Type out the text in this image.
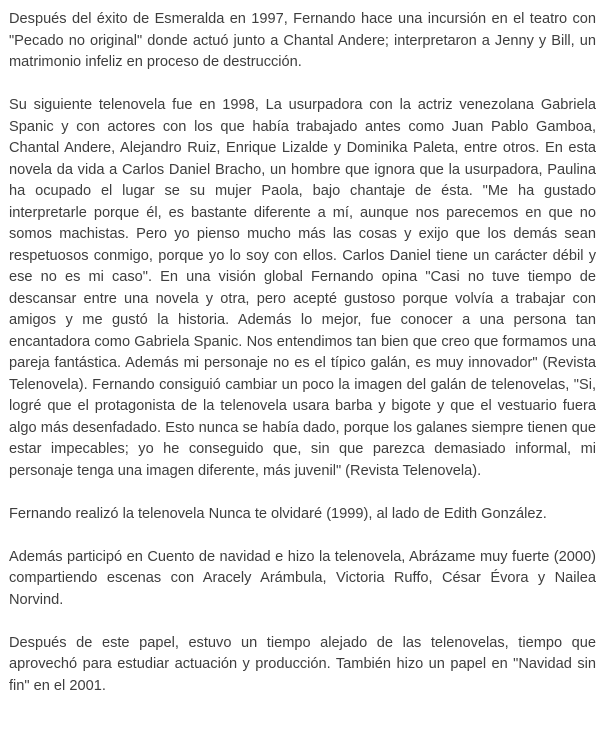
Después del éxito de Esmeralda en 1997, Fernando hace una incursión en el teatro con "Pecado no original" donde actuó junto a Chantal Andere; interpretaron a Jenny y Bill, un matrimonio infeliz en proceso de destrucción.

Su siguiente telenovela fue en 1998, La usurpadora con la actriz venezolana Gabriela Spanic y con actores con los que había trabajado antes como Juan Pablo Gamboa, Chantal Andere, Alejandro Ruiz, Enrique Lizalde y Dominika Paleta, entre otros. En esta novela da vida a Carlos Daniel Bracho, un hombre que ignora que la usurpadora, Paulina ha ocupado el lugar se su mujer Paola, bajo chantaje de ésta. "Me ha gustado interpretarle porque él, es bastante diferente a mí, aunque nos parecemos en que no somos machistas. Pero yo pienso mucho más las cosas y exijo que los demás sean respetuosos conmigo, porque yo lo soy con ellos. Carlos Daniel tiene un carácter débil y ese no es mi caso". En una visión global Fernando opina "Casi no tuve tiempo de descansar entre una novela y otra, pero acepté gustoso porque volvía a trabajar con amigos y me gustó la historia. Además lo mejor, fue conocer a una persona tan encantadora como Gabriela Spanic. Nos entendimos tan bien que creo que formamos una pareja fantástica. Además mi personaje no es el típico galán, es muy innovador" (Revista Telenovela). Fernando consiguió cambiar un poco la imagen del galán de telenovelas, "Si, logré que el protagonista de la telenovela usara barba y bigote y que el vestuario fuera algo más desenfadado. Esto nunca se había dado, porque los galanes siempre tienen que estar impecables; yo he conseguido que, sin que parezca demasiado informal, mi personaje tenga una imagen diferente, más juvenil" (Revista Telenovela).

Fernando realizó la telenovela Nunca te olvidaré (1999), al lado de Edith González.

Además participó en Cuento de navidad e hizo la telenovela, Abrázame muy fuerte (2000) compartiendo escenas con Aracely Arámbula, Victoria Ruffo, César Évora y Nailea Norvind.

Después de este papel, estuvo un tiempo alejado de las telenovelas, tiempo que aprovechó para estudiar actuación y producción. También hizo un papel en "Navidad sin fin" en el 2001.
